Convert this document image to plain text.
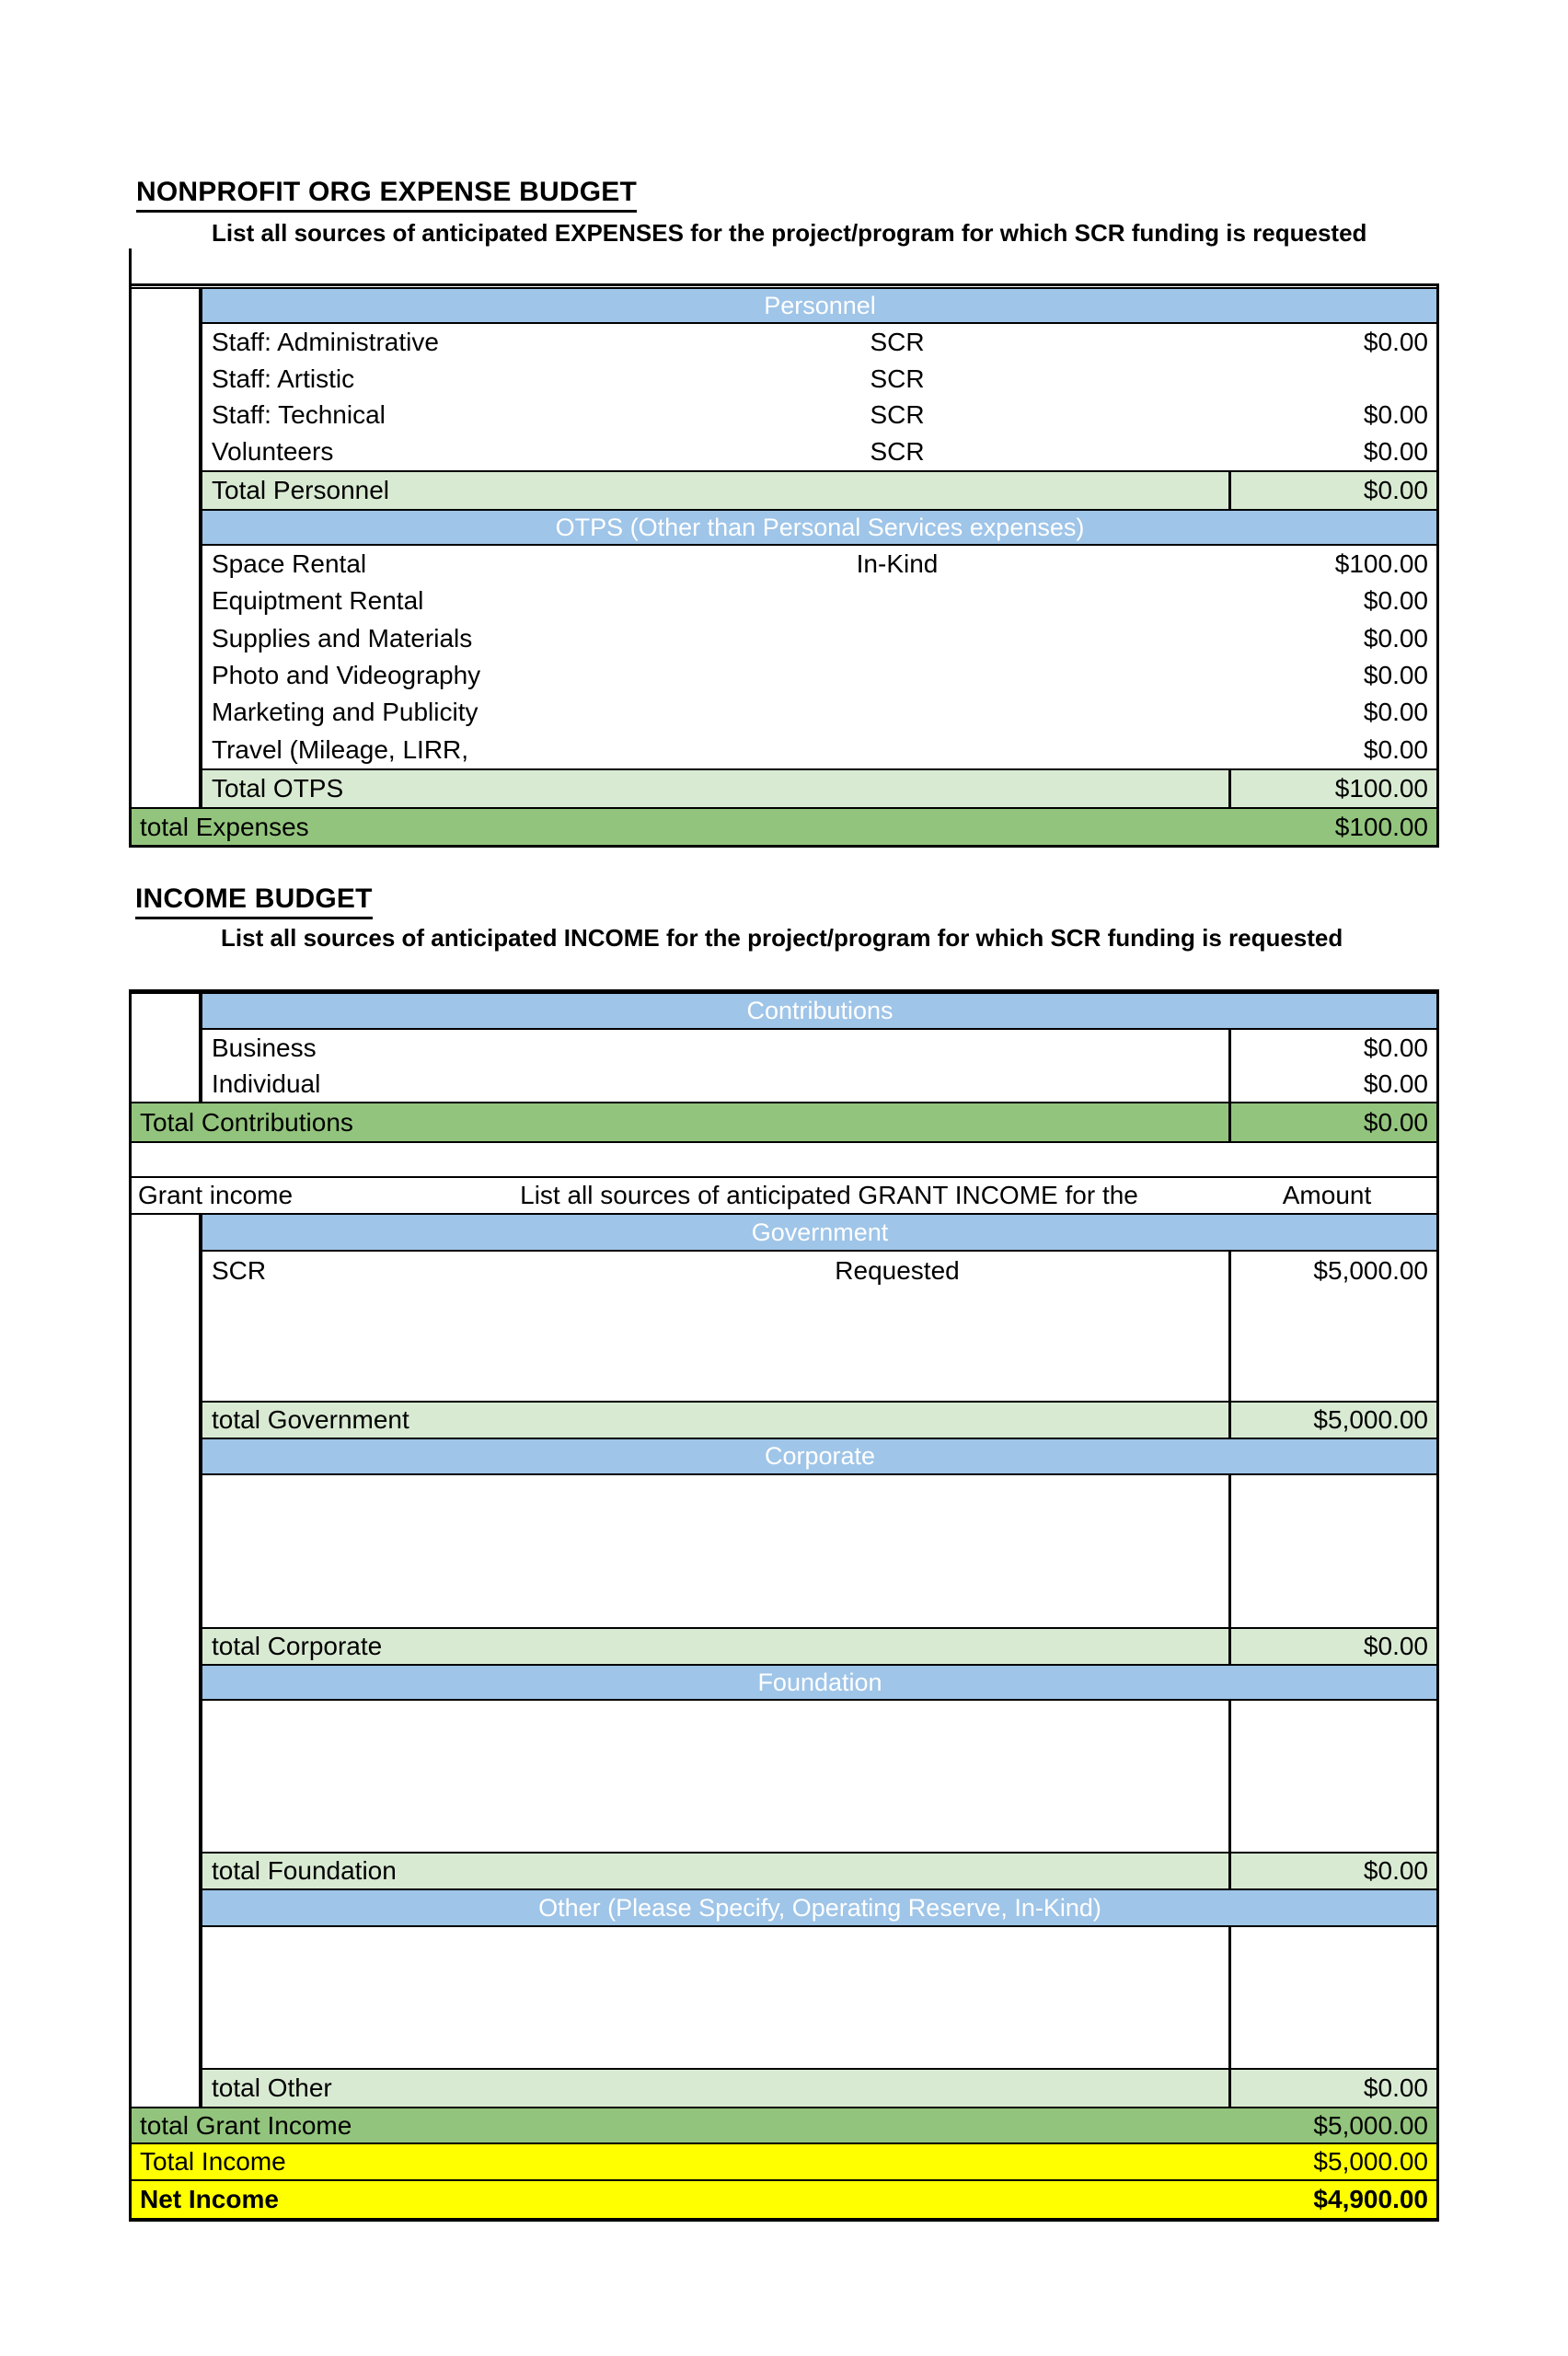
NONPROFIT ORG EXPENSE BUDGET
List all sources of anticipated EXPENSES for the project/program for which SCR funding is requested
Personnel
Staff: Administrative	SCR	$0.00
Staff: Artistic	SCR
Staff: Technical	SCR	$0.00
Volunteers	SCR	$0.00
Total Personnel	$0.00
OTPS (Other than Personal Services expenses)
Space Rental	In-Kind	$100.00
Equiptment Rental	$0.00
Supplies and Materials	$0.00
Photo and Videography	$0.00
Marketing and Publicity	$0.00
Travel (Mileage, LIRR,	$0.00
Total OTPS	$100.00
total Expenses	$100.00
INCOME BUDGET
List all sources of anticipated INCOME for the project/program for which SCR funding is requested
Contributions
Business	$0.00
Individual	$0.00
Total Contributions	$0.00
Grant income	List all sources of anticipated GRANT INCOME for the	Amount
Government
SCR	Requested	$5,000.00
total Government	$5,000.00
Corporate
total Corporate	$0.00
Foundation
total Foundation	$0.00
Other (Please Specify, Operating Reserve, In-Kind)
total Other	$0.00
total Grant Income	$5,000.00
Total Income	$5,000.00
Net Income	$4,900.00
